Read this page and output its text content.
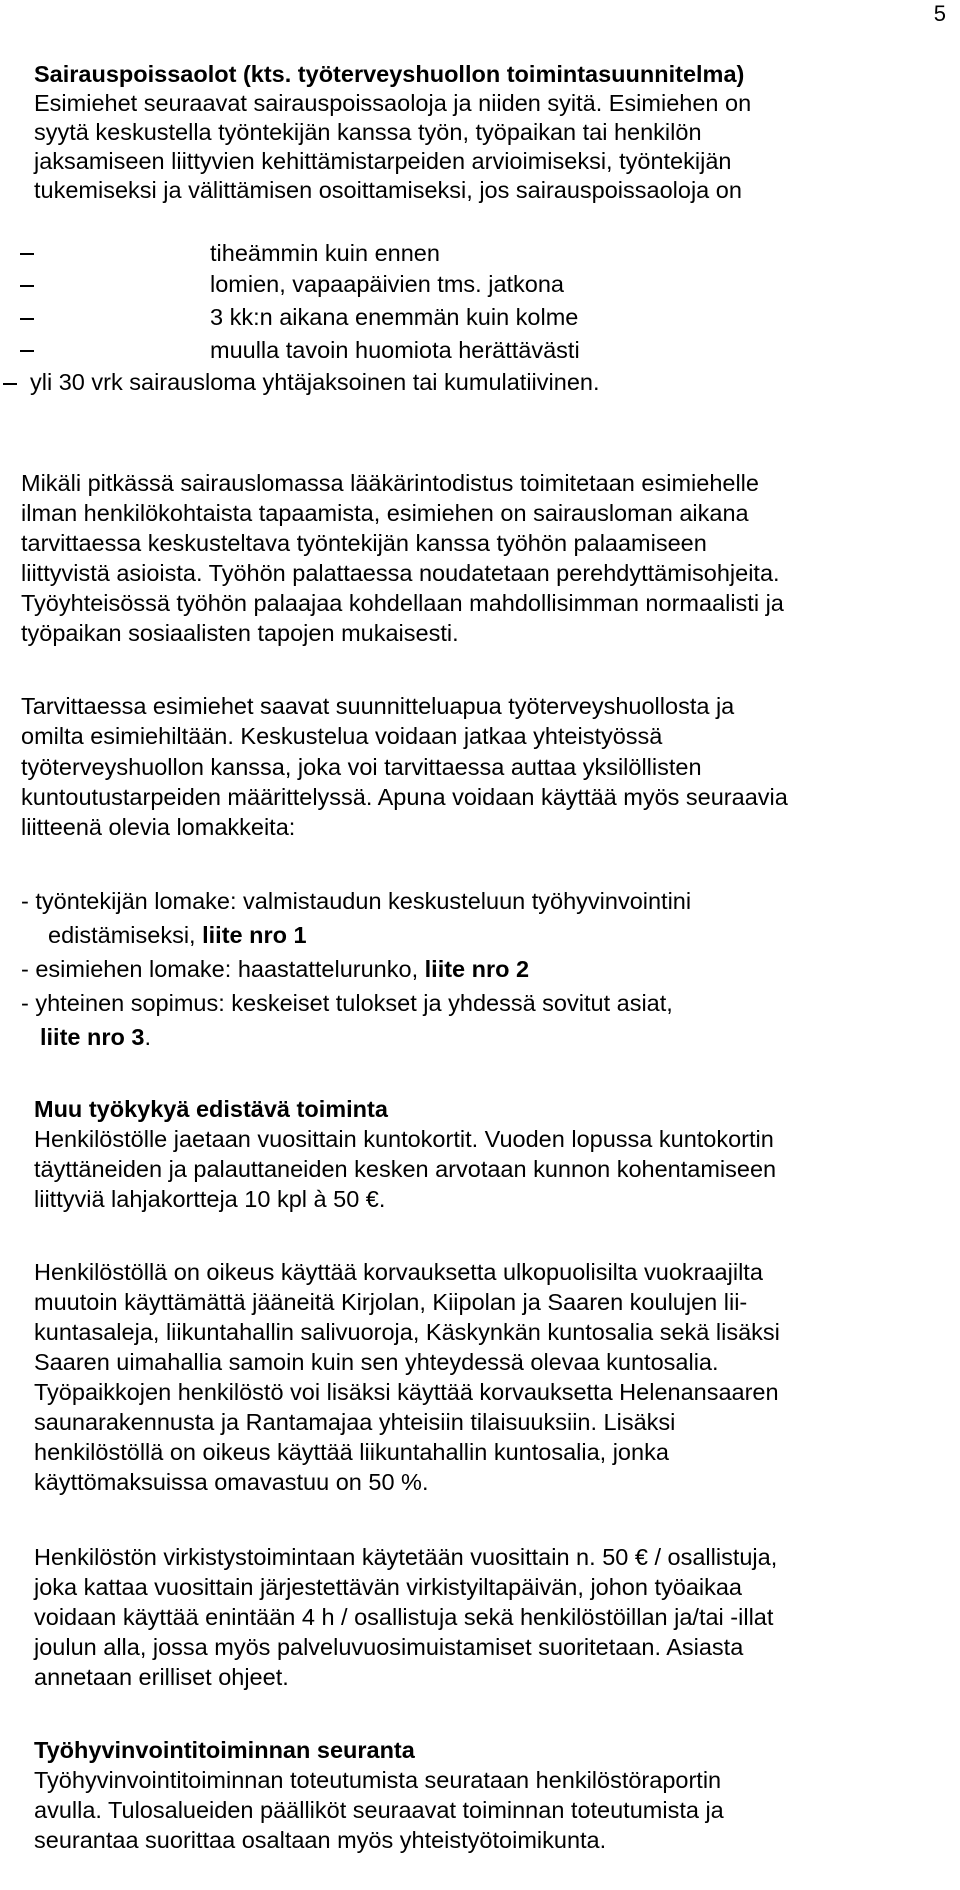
5
Sairauspoissaolot (kts. työterveyshuollon toimintasuunnitelma)
Esimiehet seuraavat sairauspoissaoloja ja niiden syitä. Esimiehen on
syytä keskustella työntekijän kanssa työn, työpaikan tai henkilön
jaksamiseen liittyvien kehittämistarpeiden arvioimiseksi, työntekijän
tukemiseksi ja välittämisen osoittamiseksi, jos sairauspoissaoloja on
tiheämmin kuin ennen
lomien, vapaapäivien tms. jatkona
3 kk:n aikana enemmän kuin kolme
muulla tavoin huomiota herättävästi
yli 30 vrk sairausloma yhtäjaksoinen tai kumulatiivinen.
Mikäli pitkässä sairauslomassa lääkärintodistus toimitetaan esimiehelle
ilman henkilökohtaista tapaamista, esimiehen on sairausloman aikana
tarvittaessa keskusteltava työntekijän kanssa työhön palaamiseen
liittyvistä asioista. Työhön palattaessa noudatetaan perehdyttämisohjeita.
Työyhteisössä työhön palaajaa kohdellaan mahdollisimman normaalisti ja
työpaikan sosiaalisten tapojen mukaisesti.
Tarvittaessa esimiehet saavat suunnitteluapua työterveyshuollosta ja
omilta esimiehiltään. Keskustelua voidaan jatkaa yhteistyössä
työterveyshuollon kanssa, joka voi tarvittaessa auttaa yksilöllisten
kuntoutustarpeiden määrittelyssä. Apuna voidaan käyttää myös seuraavia
liitteenä olevia lomakkeita:
- työntekijän lomake: valmistaudun keskusteluun työhyvinvointini
edistämiseksi, liite nro 1
- esimiehen lomake: haastattelurunko, liite nro 2
- yhteinen sopimus: keskeiset tulokset ja yhdessä sovitut asiat,
liite nro 3.
Muu työkykyä edistävä toiminta
Henkilöstölle jaetaan vuosittain kuntokortit. Vuoden lopussa kuntokortin
täyttäneiden ja palauttaneiden kesken arvotaan kunnon kohentamiseen
liittyviä lahjakortteja 10 kpl à 50 €.
Henkilöstöllä on oikeus käyttää korvauksetta ulkopuolisilta vuokraajilta
muutoin käyttämättä jääneitä Kirjolan, Kiipolan ja Saaren koulujen lii-
kuntasaleja, liikuntahallin salivuoroja, Käskynkän kuntosalia sekä lisäksi
Saaren uimahallia samoin kuin sen yhteydessä olevaa kuntosalia.
Työpaikkojen henkilöstö voi lisäksi käyttää korvauksetta Helenansaaren
saunarakennusta ja Rantamajaa yhteisiin tilaisuuksiin. Lisäksi
henkilöstöllä on oikeus käyttää liikuntahallin kuntosalia, jonka
käyttömaksuissa omavastuu on 50 %.
Henkilöstön virkistystoimintaan käytetään vuosittain n. 50 € / osallistuja,
joka kattaa vuosittain järjestettävän virkistyiltapäivän, johon työaikaa
voidaan käyttää enintään 4 h / osallistuja sekä henkilöstöillan ja/tai -illat
joulun alla, jossa myös palveluvuosimuistamiset suoritetaan. Asiasta
annetaan erilliset ohjeet.
Työhyvinvointitoiminnan seuranta
Työhyvinvointitoiminnan toteutumista seurataan henkilöstöraportin
avulla. Tulosalueiden päälliköt seuraavat toiminnan toteutumista ja
seurantaa suorittaa osaltaan myös yhteistyötoimikunta.
